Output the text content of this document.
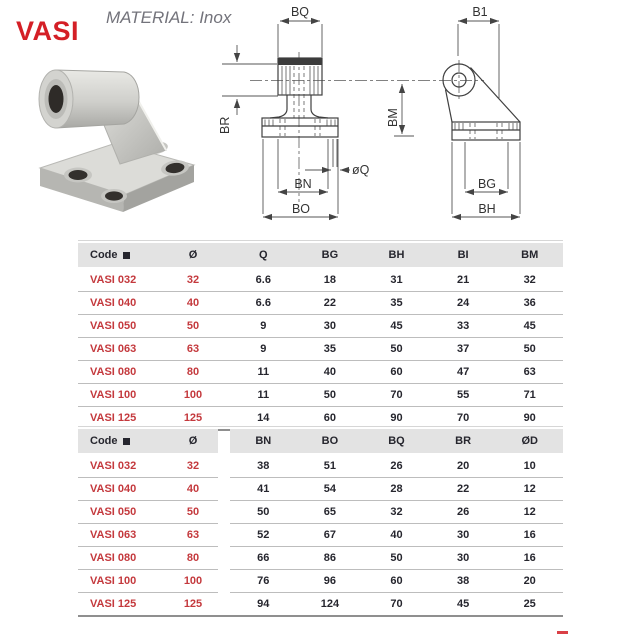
VASI MATERIAL: Inox	BQ
BR
øQ
BN
BO
BM
B1
BG
BH
Code	Ø	Q	BG	BH	BI	BM
VASI 032	32	6.6	18	31	21	32
VASI 040	40	6.6	22	35	24	36
VASI 050	50	9	30	45	33	45
VASI 063	63	9	35	50	37	50
VASI 080	80	11	40	60	47	63
VASI 100	100	11	50	70	55	71
VASI 125	125	14	60	90	70	90
Code	Ø	BN	BO	BQ	BR	ØD
VASI 032	32	38	51	26	20	10
VASI 040	40	41	54	28	22	12
VASI 050	50	50	65	32	26	12
VASI 063	63	52	67	40	30	16
VASI 080	80	66	86	50	30	16
VASI 100	100	76	96	60	38	20
VASI 125	125	94	124	70	45	25
